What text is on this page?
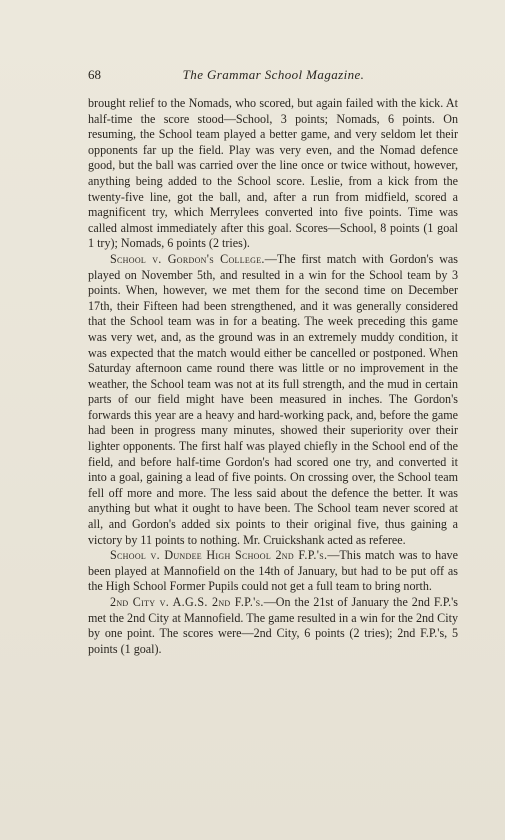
68	The Grammar School Magazine.

brought relief to the Nomads, who scored, but again failed with the kick. At half-time the score stood—School, 3 points; Nomads, 6 points. On resuming, the School team played a better game, and very seldom let their opponents far up the field. Play was very even, and the Nomad defence good, but the ball was carried over the line once or twice without, however, anything being added to the School score. Leslie, from a kick from the twenty-five line, got the ball, and, after a run from midfield, scored a magnificent try, which Merrylees converted into five points. Time was called almost immediately after this goal. Scores—School, 8 points (1 goal 1 try); Nomads, 6 points (2 tries).

School v. Gordon's College.—The first match with Gordon's was played on November 5th, and resulted in a win for the School team by 3 points. When, however, we met them for the second time on December 17th, their Fifteen had been strengthened, and it was generally considered that the School team was in for a beating. The week preceding this game was very wet, and, as the ground was in an extremely muddy condition, it was expected that the match would either be cancelled or postponed. When Saturday afternoon came round there was little or no improvement in the weather, the School team was not at its full strength, and the mud in certain parts of our field might have been measured in inches. The Gordon's forwards this year are a heavy and hard-working pack, and, before the game had been in progress many minutes, showed their superiority over their lighter opponents. The first half was played chiefly in the School end of the field, and before half-time Gordon's had scored one try, and converted it into a goal, gaining a lead of five points. On crossing over, the School team fell off more and more. The less said about the defence the better. It was anything but what it ought to have been. The School team never scored at all, and Gordon's added six points to their original five, thus gaining a victory by 11 points to nothing. Mr. Cruickshank acted as referee.

School v. Dundee High School 2nd F.P.'s.—This match was to have been played at Mannofield on the 14th of January, but had to be put off as the High School Former Pupils could not get a full team to bring north.

2nd City v. A.G.S. 2nd F.P.'s.—On the 21st of January the 2nd F.P.'s met the 2nd City at Mannofield. The game resulted in a win for the 2nd City by one point. The scores were—2nd City, 6 points (2 tries); 2nd F.P.'s, 5 points (1 goal).
